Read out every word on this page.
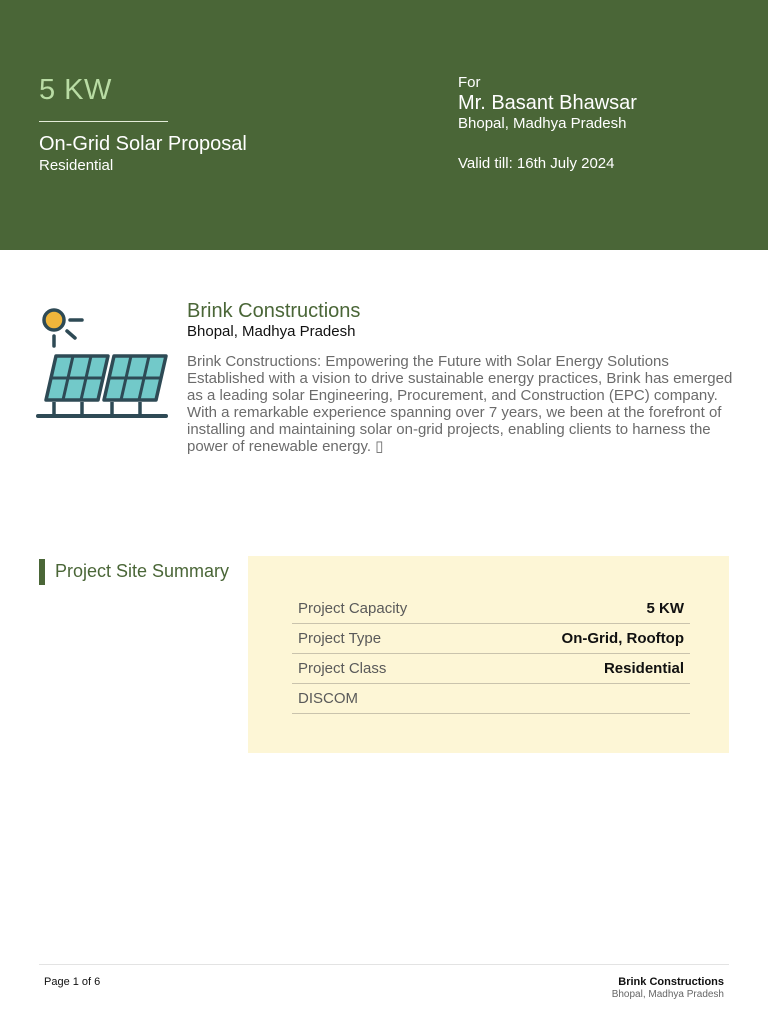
5 KW
On-Grid Solar Proposal
Residential
For
Mr. Basant Bhawsar
Bhopal, Madhya Pradesh
Valid till: 16th July 2024
Brink Constructions
Bhopal, Madhya Pradesh
Brink Constructions: Empowering the Future with Solar Energy Solutions Established with a vision to drive sustainable energy practices, Brink has emerged as a leading solar Engineering, Procurement, and Construction (EPC) company. With a remarkable experience spanning over 7 years, we been at the forefront of installing and maintaining solar on-grid projects, enabling clients to harness the power of renewable energy. ▯
Project Site Summary
Project Capacity	5 KW
Project Type	On-Grid, Rooftop
Project Class	Residential
DISCOM
Page 1 of 6	Brink Constructions
Bhopal, Madhya Pradesh
